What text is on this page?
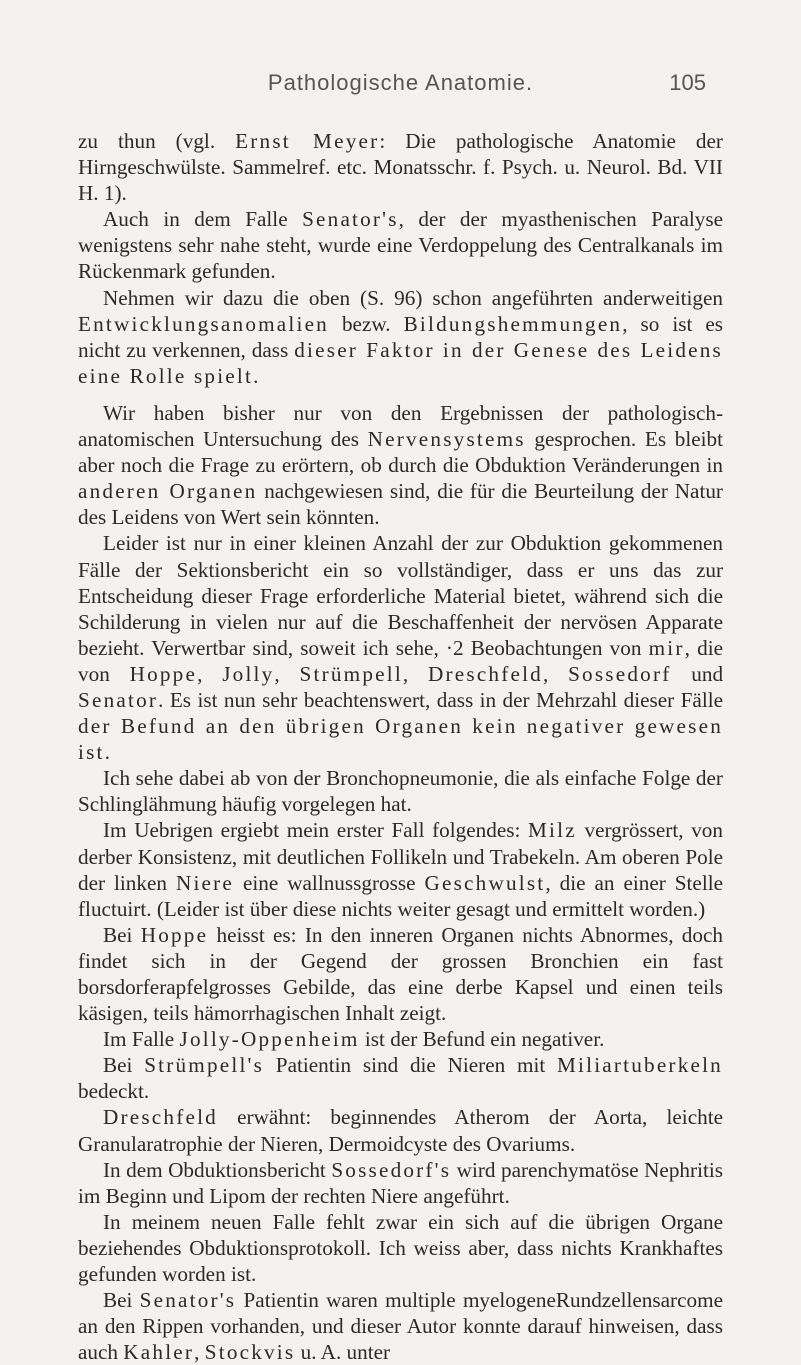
Pathologische Anatomie.	105

zu thun (vgl. Ernst Meyer: Die pathologische Anatomie der Hirngeschwülste. Sammelref. etc. Monatsschr. f. Psych. u. Neurol. Bd. VII H. 1).

Auch in dem Falle Senator's, der der myasthenischen Paralyse wenigstens sehr nahe steht, wurde eine Verdoppelung des Centralkanals im Rückenmark gefunden.

Nehmen wir dazu die oben (S. 96) schon angeführten anderweitigen Entwicklungsanomalien bezw. Bildungshemmungen, so ist es nicht zu verkennen, dass dieser Faktor in der Genese des Leidens eine Rolle spielt.

Wir haben bisher nur von den Ergebnissen der pathologisch-anatomischen Untersuchung des Nervensystems gesprochen. Es bleibt aber noch die Frage zu erörtern, ob durch die Obduktion Veränderungen in anderen Organen nachgewiesen sind, die für die Beurteilung der Natur des Leidens von Wert sein könnten.

Leider ist nur in einer kleinen Anzahl der zur Obduktion gekommenen Fälle der Sektionsbericht ein so vollständiger, dass er uns das zur Entscheidung dieser Frage erforderliche Material bietet, während sich die Schilderung in vielen nur auf die Beschaffenheit der nervösen Apparate bezieht. Verwertbar sind, soweit ich sehe, ·2 Beobachtungen von mir, die von Hoppe, Jolly, Strümpell, Dreschfeld, Sossedorf und Senator. Es ist nun sehr beachtenswert, dass in der Mehrzahl dieser Fälle der Befund an den übrigen Organen kein negativer gewesen ist.

Ich sehe dabei ab von der Bronchopneumonie, die als einfache Folge der Schlinglähmung häufig vorgelegen hat.

Im Uebrigen ergiebt mein erster Fall folgendes: Milz vergrössert, von derber Konsistenz, mit deutlichen Follikeln und Trabekeln. Am oberen Pole der linken Niere eine wallnussgrosse Geschwulst, die an einer Stelle fluctuirt. (Leider ist über diese nichts weiter gesagt und ermittelt worden.)

Bei Hoppe heisst es: In den inneren Organen nichts Abnormes, doch findet sich in der Gegend der grossen Bronchien ein fast borsdorferapfelgrosses Gebilde, das eine derbe Kapsel und einen teils käsigen, teils hämorrhagischen Inhalt zeigt.

Im Falle Jolly-Oppenheim ist der Befund ein negativer.

Bei Strümpell's Patientin sind die Nieren mit Miliartuberkeln bedeckt.

Dreschfeld erwähnt: beginnendes Atherom der Aorta, leichte Granularatrophie der Nieren, Dermoidcyste des Ovariums.

In dem Obduktionsbericht Sossedorf's wird parenchymatöse Nephritis im Beginn und Lipom der rechten Niere angeführt.

In meinem neuen Falle fehlt zwar ein sich auf die übrigen Organe beziehendes Obduktionsprotokoll. Ich weiss aber, dass nichts Krankhaftes gefunden worden ist.

Bei Senator's Patientin waren multiple myelogeneRundzellensarcome an den Rippen vorhanden, und dieser Autor konnte darauf hinweisen, dass auch Kahler, Stockvis u. A. unter
